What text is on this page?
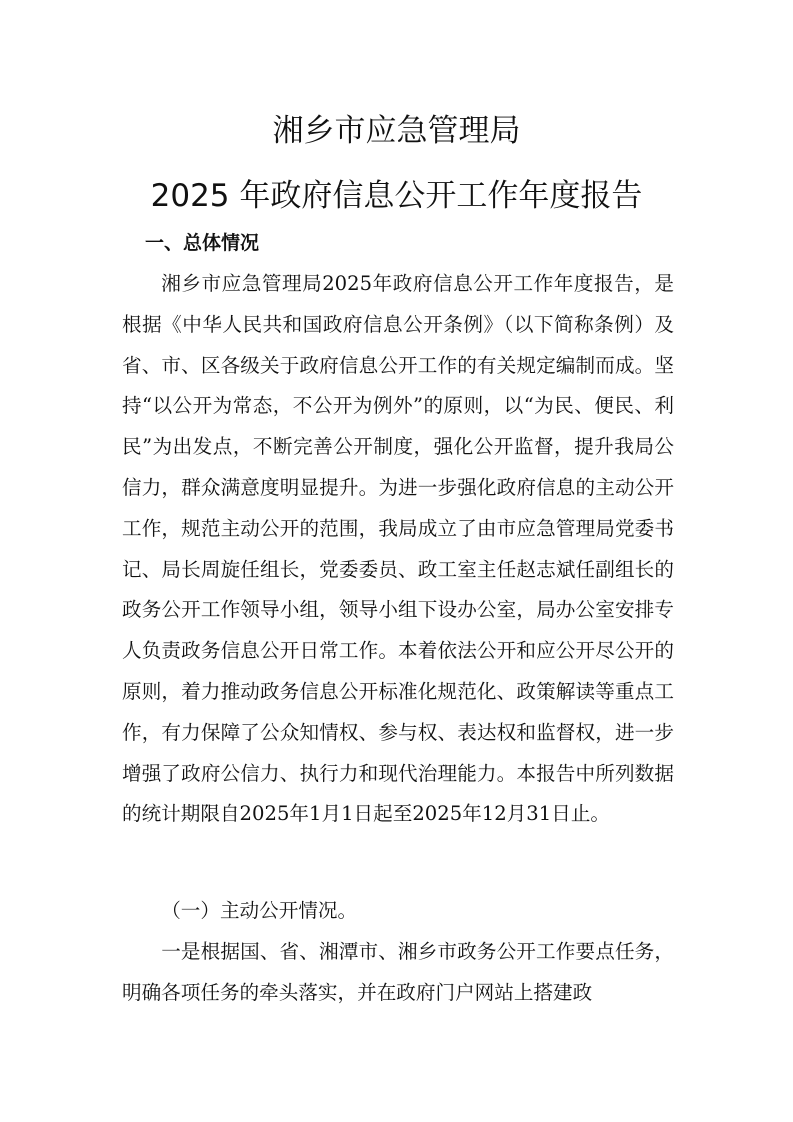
湘乡市应急管理局
2025 年政府信息公开工作年度报告
一、总体情况

湘乡市应急管理局2025年政府信息公开工作年度报告，是根据《中华人民共和国政府信息公开条例》（以下简称条例）及省、市、区各级关于政府信息公开工作的有关规定编制而成。坚持“以公开为常态，不公开为例外”的原则，以“为民、便民、利民”为出发点，不断完善公开制度，强化公开监督，提升我局公信力，群众满意度明显提升。为进一步强化政府信息的主动公开工作，规范主动公开的范围，我局成立了由市应急管理局党委书记、局长周旋任组长，党委委员、政工室主任赵志斌任副组长的政务公开工作领导小组，领导小组下设办公室，局办公室安排专人负责政务信息公开日常工作。本着依法公开和应公开尽公开的原则，着力推动政务信息公开标准化规范化、政策解读等重点工作，有力保障了公众知情权、参与权、表达权和监督权，进一步增强了政府公信力、执行力和现代治理能力。本报告中所列数据的统计期限自2025年1月1日起至2025年12月31日止。

（一）主动公开情况。

一是根据国、省、湘潭市、湘乡市政务公开工作要点任务，明确各项任务的牵头落实，并在政府门户网站上搭建政
